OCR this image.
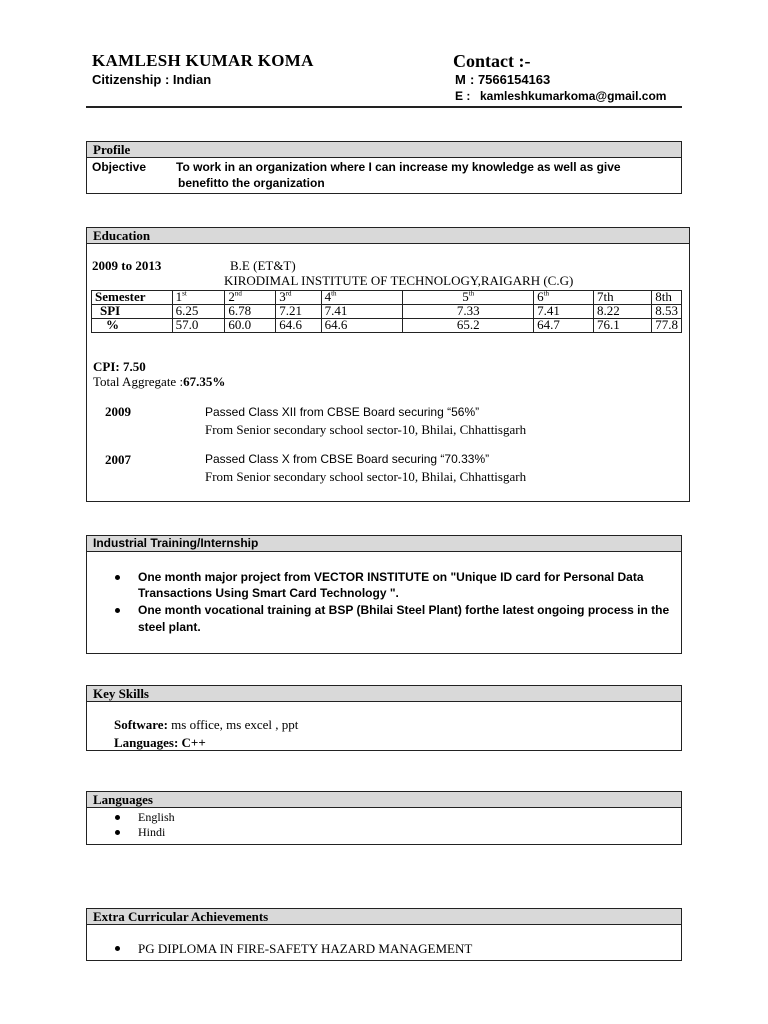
KAMLESH KUMAR KOMA
Citizenship : Indian
Contact :-
M : 7566154163
E : kamleshkumarkoma@gmail.com
Profile
Objective To work in an organization where I can increase my knowledge as well as give
benefitto the organization
Education
2009 to 2013	B.E (ET&T)
KIRODIMAL INSTITUTE OF TECHNOLOGY,RAIGARH (C.G)
Semester	1st	2nd	3rd	4th	5th	6th	7th	8th
SPI	6.25	6.78	7.21	7.41	7.33	7.41	8.22	8.53
%	57.0	60.0	64.6	64.6	65.2	64.7	76.1	77.8
CPI: 7.50
Total Aggregate :67.35%
2009	Passed Class XII from CBSE Board securing “56%”
From Senior secondary school sector-10, Bhilai, Chhattisgarh
2007	Passed Class X from CBSE Board securing “70.33%”
From Senior secondary school sector-10, Bhilai, Chhattisgarh
Industrial Training/Internship
One month major project from VECTOR INSTITUTE on "Unique ID card for Personal Data
Transactions Using Smart Card Technology ".
One month vocational training at BSP (Bhilai Steel Plant) forthe latest ongoing process in the
steel plant.
Key Skills
Software: ms office, ms excel , ppt
Languages: C++
Languages
English
Hindi
Extra Curricular Achievements
PG DIPLOMA IN FIRE-SAFETY HAZARD MANAGEMENT
